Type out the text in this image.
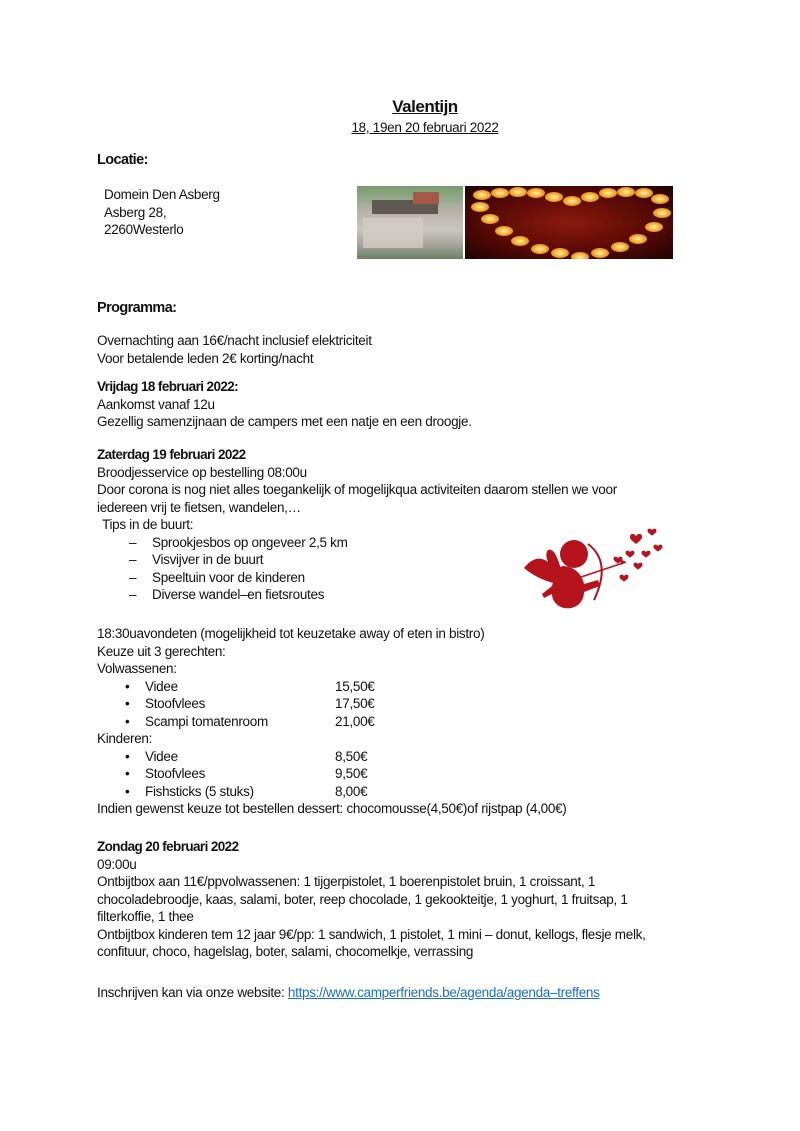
Valentijn
18, 19en 20 februari 2022
Locatie:
Domein Den Asberg
Asberg 28,
2260Westerlo
Programma:
Overnachting aan 16€/nacht inclusief elektriciteit
Voor betalende leden 2€ korting/nacht
Vrijdag 18 februari 2022:
Aankomst vanaf 12u
Gezellig samenzijnaan de campers met een natje en een droogje.
Zaterdag 19 februari 2022
Broodjesservice op bestelling 08:00u
Door corona is nog niet alles toegankelijk of mogelijkqua activiteiten daarom stellen we voor
iedereen vrij te fietsen, wandelen,…
Tips in de buurt:
–	Sprookjesbos op ongeveer 2,5 km
–	Visvijver in de buurt
–	Speeltuin voor de kinderen
–	Diverse wandel–en fietsroutes
18:30uavondeten (mogelijkheid tot keuzetake away of eten in bistro)
Keuze uit 3 gerechten:
Volwassenen:
•	Videe	15,50€
•	Stoofvlees	17,50€
•	Scampi tomatenroom	21,00€
Kinderen:
•	Videe	8,50€
•	Stoofvlees	9,50€
•	Fishsticks (5 stuks)	8,00€
Indien gewenst keuze tot bestellen dessert: chocomousse(4,50€)of rijstpap (4,00€)
Zondag 20 februari 2022
09:00u
Ontbijtbox aan 11€/ppvolwassenen: 1 tijgerpistolet, 1 boerenpistolet bruin, 1 croissant, 1
chocoladebroodje, kaas, salami, boter, reep chocolade, 1 gekookteitje, 1 yoghurt, 1 fruitsap, 1
filterkoffie, 1 thee
Ontbijtbox kinderen tem 12 jaar 9€/pp: 1 sandwich, 1 pistolet, 1 mini – donut, kellogs, flesje melk,
confituur, choco, hagelslag, boter, salami, chocomelkje, verrassing
Inschrijven kan via onze website: https://www.camperfriends.be/agenda/agenda–treffens
